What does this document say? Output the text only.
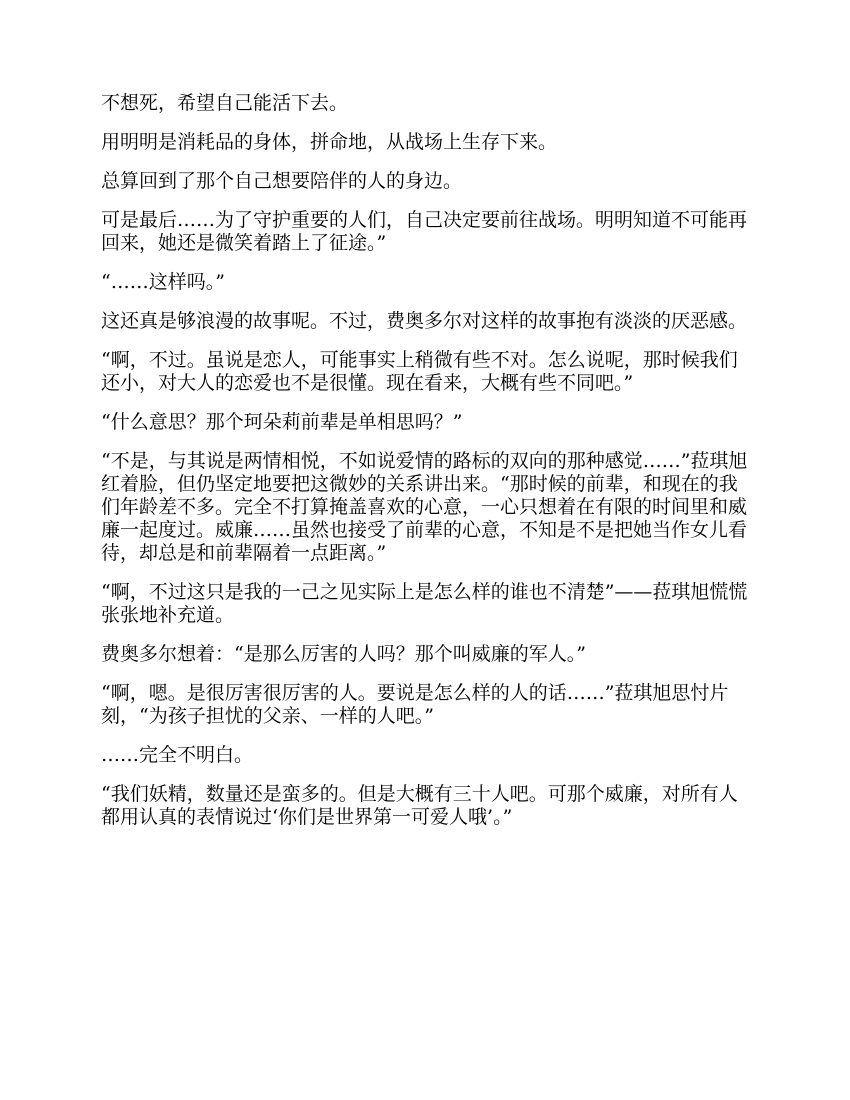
不想死，希望自己能活下去。

用明明是消耗品的身体，拼命地，从战场上生存下来。

总算回到了那个自己想要陪伴的人的身边。

可是最后……为了守护重要的人们，自己决定要前往战场。明明知道不可能再回来，她还是微笑着踏上了征途。”

“……这样吗。”

这还真是够浪漫的故事呢。不过，费奥多尔对这样的故事抱有淡淡的厌恶感。

“啊，不过。虽说是恋人，可能事实上稍微有些不对。怎么说呢，那时候我们还小，对大人的恋爱也不是很懂。现在看来，大概有些不同吧。”

“什么意思？那个珂朵莉前辈是单相思吗？”

“不是，与其说是两情相悦，不如说爱情的路标的双向的那种感觉……”菈琪旭红着脸，但仍坚定地要把这微妙的关系讲出来。“那时候的前辈，和现在的我们年龄差不多。完全不打算掩盖喜欢的心意，一心只想着在有限的时间里和威廉一起度过。威廉……虽然也接受了前辈的心意，不知是不是把她当作女儿看待，却总是和前辈隔着一点距离。”

“啊，不过这只是我的一己之见实际上是怎么样的谁也不清楚”——菈琪旭慌慌张张地补充道。

费奥多尔想着：“是那么厉害的人吗？那个叫威廉的军人。”

“啊，嗯。是很厉害很厉害的人。要说是怎么样的人的话……”菈琪旭思忖片刻，“为孩子担忧的父亲、一样的人吧。”

……完全不明白。

“我们妖精，数量还是蛮多的。但是大概有三十人吧。可那个威廉，对所有人都用认真的表情说过‘你们是世界第一可爱人哦’。”
